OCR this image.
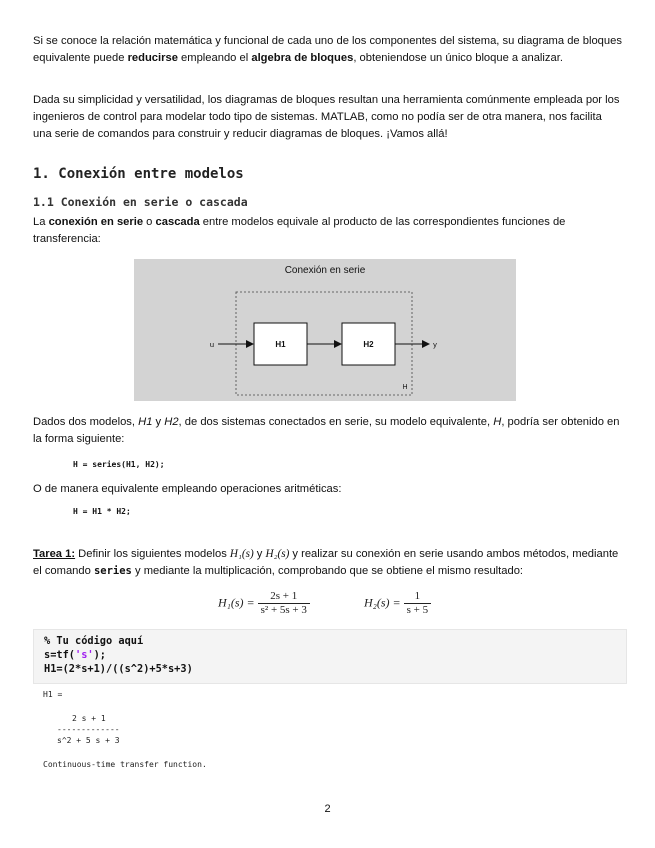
Si se conoce la relación matemática y funcional de cada uno de los componentes del sistema, su diagrama de bloques equivalente puede reducirse empleando el algebra de bloques, obteniendose un único bloque a analizar.

Dada su simplicidad y versatilidad, los diagramas de bloques resultan una herramienta comúnmente empleada por los ingenieros de control para modelar todo tipo de sistemas. MATLAB, como no podía ser de otra manera, nos facilita una serie de comandos para construir y reducir diagramas de bloques. ¡Vamos allá!

1. Conexión entre modelos
1.1 Conexión en serie o cascada

La conexión en serie o cascada entre modelos equivale al producto de las correspondientes funciones de transferencia:

Conexión en serie
H
u	H1	H2	y

Dados dos modelos, H1 y H2, de dos sistemas conectados en serie, su modelo equivalente, H, podría ser obtenido en la forma siguiente:

H = series(H1, H2);

O de manera equivalente empleando operaciones aritméticas:

H = H1 * H2;

Tarea 1: Definir los siguientes modelos H₁(s) y H₂(s) y realizar su conexión en serie usando ambos métodos, mediante el comando series y mediante la multiplicación, comprobando que se obtiene el mismo resultado:

$H_1(s) = \frac{2s + 1}{\text{s² + 5s + 3}}$	$H_2(s) = \frac{1}{s + 5}$
% Tu código aquí
s=tf('s');
H1=(2*s+1)/((s^2)+5*s+3)
H1 =
2 s + 1
-------------
s^2 + 5 s + 3
Continuous-time transfer function.
2
